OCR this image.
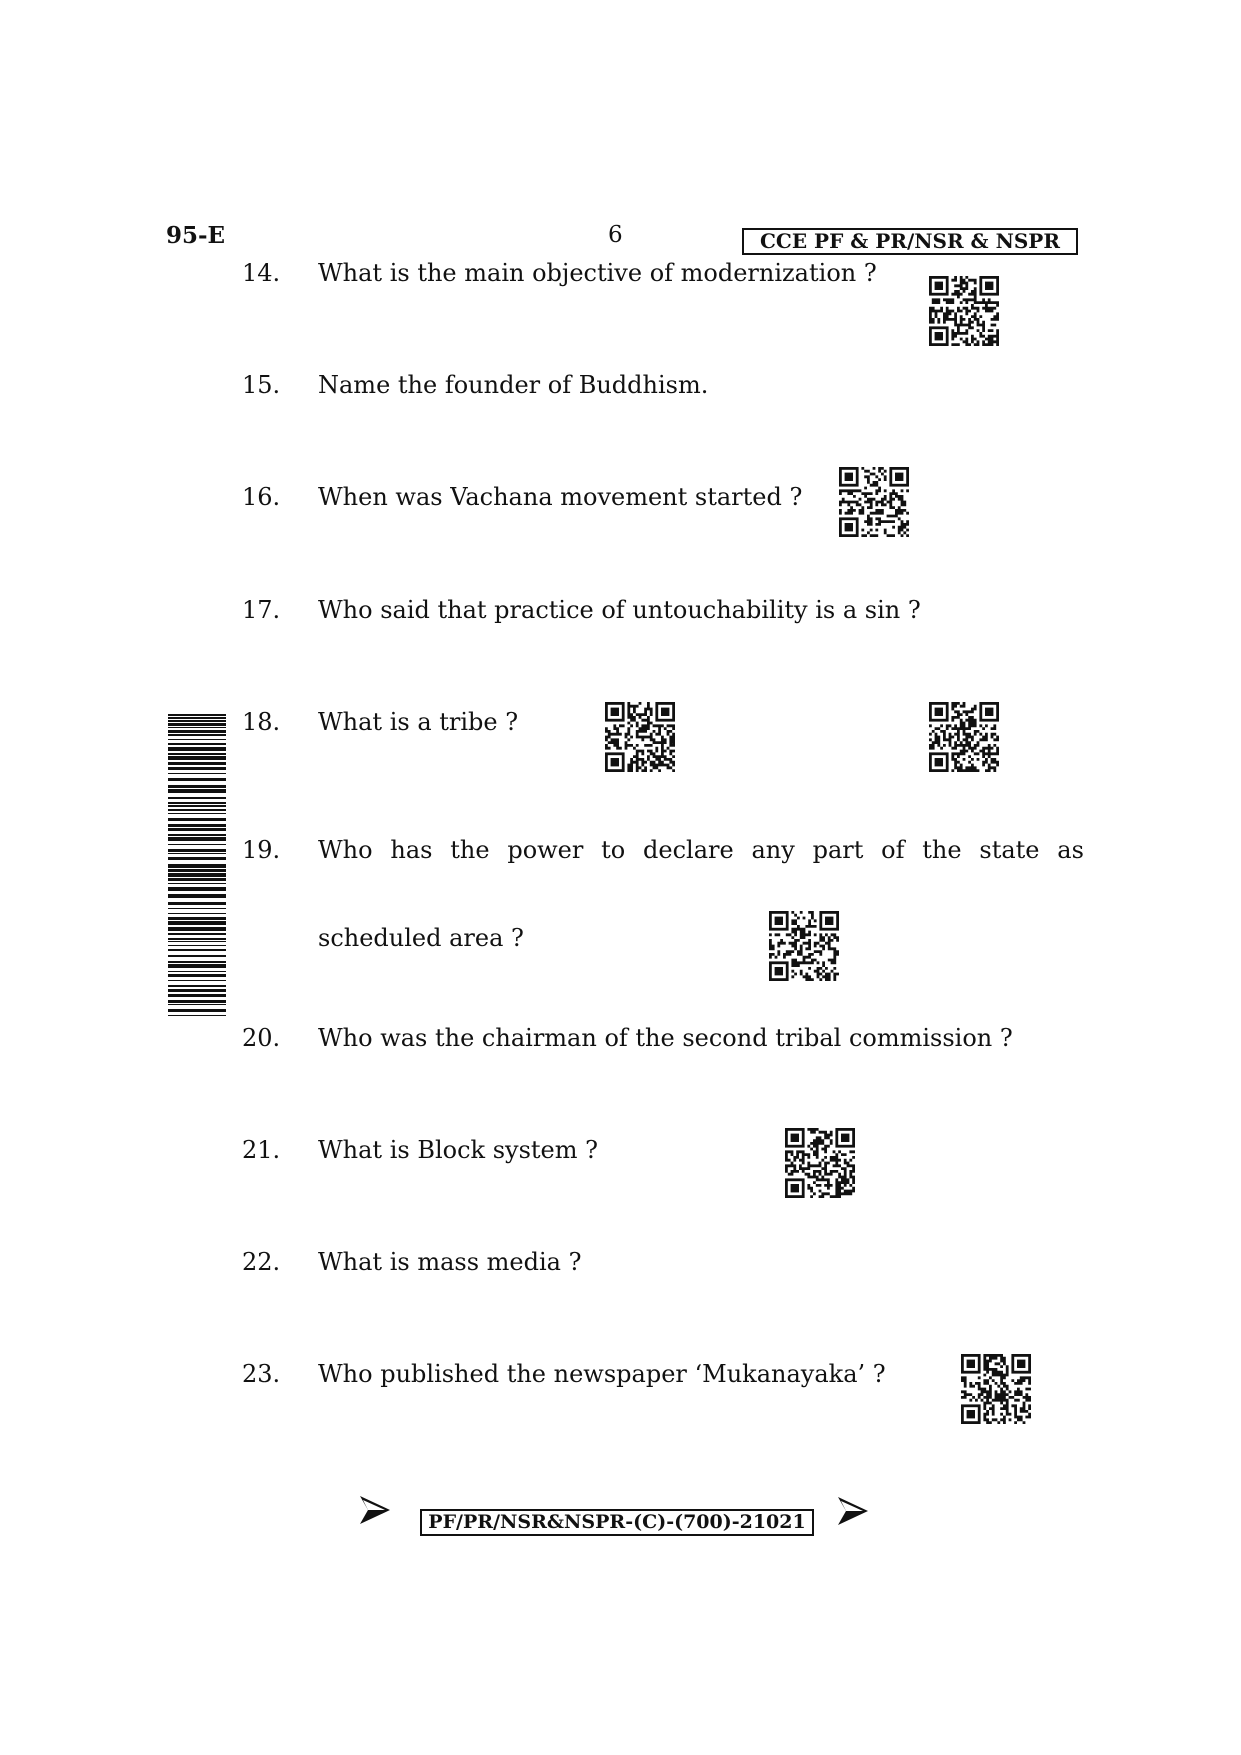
95-E	6	CCE PF & PR/NSR & NSPR
14. What is the main objective of modernization ?
15. Name the founder of Buddhism.
16. When was Vachana movement started ?
17. Who said that practice of untouchability is a sin ?
18. What is a tribe ?
19.	Who has the power to declare any part of the state as
scheduled area ?
20. Who was the chairman of the second tribal commission ?
21. What is Block system ?
22. What is mass media ?
23. Who published the newspaper ‘Mukanayaka’ ?
PF/PR/NSR&NSPR-(C)-(700)-21021
